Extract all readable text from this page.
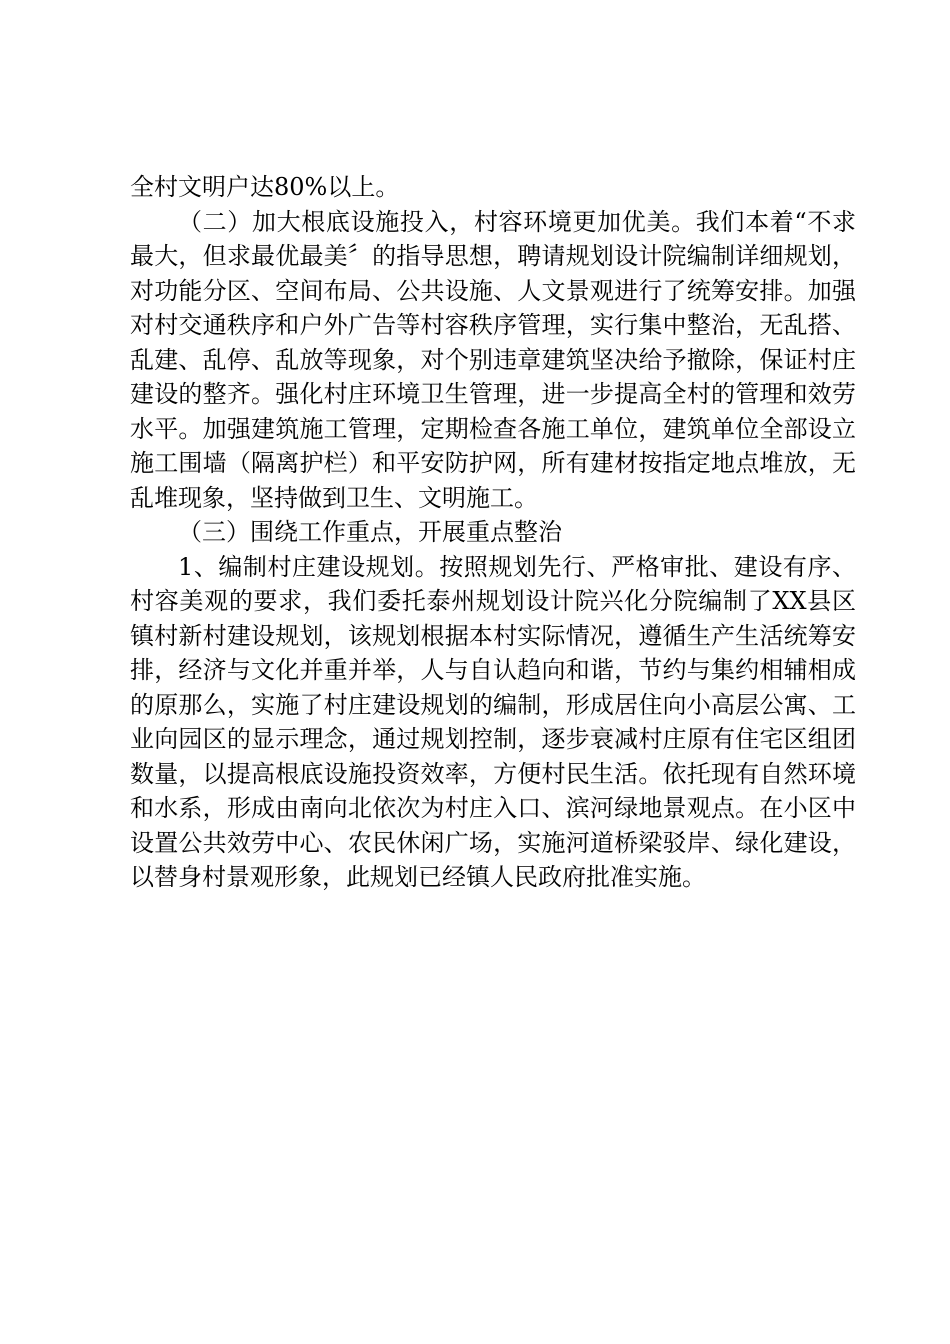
全村文明户达80%以上。

（二）加大根底设施投入，村容环境更加优美。我们本着“不求最大，但求最优最美〞的指导思想，聘请规划设计院编制详细规划，对功能分区、空间布局、公共设施、人文景观进行了统筹安排。加强对村交通秩序和户外广告等村容秩序管理，实行集中整治，无乱搭、乱建、乱停、乱放等现象，对个别违章建筑坚决给予撤除，保证村庄建设的整齐。强化村庄环境卫生管理，进一步提高全村的管理和效劳水平。加强建筑施工管理，定期检查各施工单位，建筑单位全部设立施工围墙（隔离护栏）和平安防护网，所有建材按指定地点堆放，无乱堆现象，坚持做到卫生、文明施工。

（三）围绕工作重点，开展重点整治

1、编制村庄建设规划。按照规划先行、严格审批、建设有序、村容美观的要求，我们委托泰州规划设计院兴化分院编制了XX县区镇村新村建设规划，该规划根据本村实际情况，遵循生产生活统筹安排，经济与文化并重并举，人与自认趋向和谐，节约与集约相辅相成的原那么，实施了村庄建设规划的编制，形成居住向小高层公寓、工业向园区的显示理念，通过规划控制，逐步衰减村庄原有住宅区组团数量，以提高根底设施投资效率，方便村民生活。依托现有自然环境和水系，形成由南向北依次为村庄入口、滨河绿地景观点。在小区中设置公共效劳中心、农民休闲广场，实施河道桥梁驳岸、绿化建设，以替身村景观形象，此规划已经镇人民政府批准实施。
